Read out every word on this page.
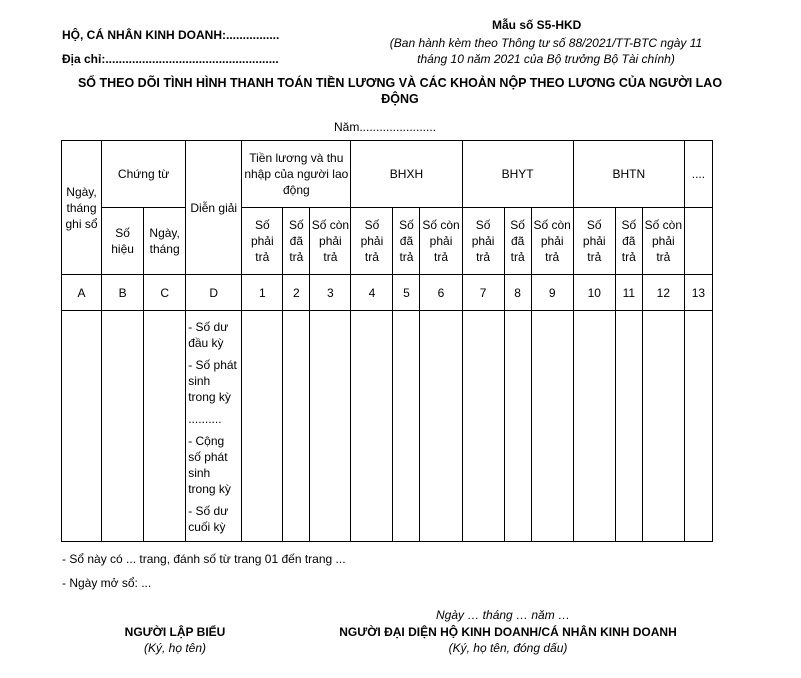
HỘ, CÁ NHÂN KINH DOANH:................
Địa chỉ:....................................................
Mẫu số S5-HKD
(Ban hành kèm theo Thông tư số 88/2021/TT-BTC ngày 11
tháng 10 năm 2021 của Bộ trưởng Bộ Tài chính)
SỔ THEO DÕI TÌNH HÌNH THANH TOÁN TIỀN LƯƠNG VÀ CÁC KHOẢN NỘP THEO LƯƠNG CỦA NGƯỜI LAO
ĐỘNG
Năm.......................
Ngày, tháng ghi sổ	Chứng từ		Diễn giải	Tiền lương và thu nhập của người lao động			BHXH			BHYT			BHTN			....
	Số hiệu	Ngày, tháng		Số phải trả	Số đã trả	Số còn phải trả	Số phải trả	Số đã trả	Số còn phải trả	Số phải trả	Số đã trả	Số còn phải trả	Số phải trả	Số đã trả	Số còn phải trả	
A	B	C	D	1	2	3	4	5	6	7	8	9	10	11	12	13

			- Số dư đầu kỳ
- Số phát sinh trong kỳ
..........
- Cộng số phát sinh trong kỳ
- Số dư cuối kỳ													

- Sổ này có ... trang, đánh số từ trang 01 đến trang ...
- Ngày mở sổ: ...
Ngày … tháng … năm …
NGƯỜI LẬP BIỂU
(Ký, họ tên)
NGƯỜI ĐẠI DIỆN HỘ KINH DOANH/CÁ NHÂN KINH DOANH
(Ký, họ tên, đóng dấu)
